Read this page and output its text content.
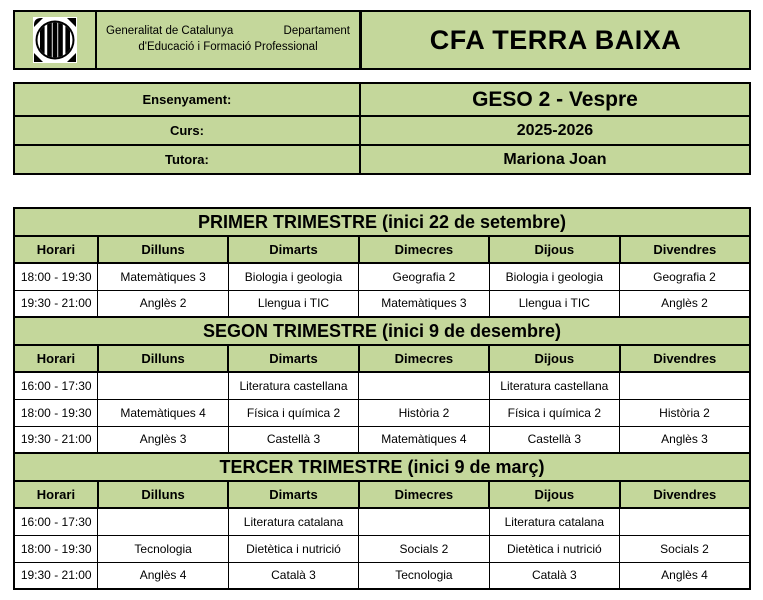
Generalitat de Catalunya	Departament
d'Educació i Formació Professional	CFA TERRA BAIXA
Ensenyament:	GESO 2 - Vespre
Curs:	2025-2026
Tutora:	Mariona Joan
PRIMER TRIMESTRE (inici 22 de setembre)					
Horari	Dilluns	Dimarts	Dimecres	Dijous	Divendres
18:00 - 19:30	Matemàtiques 3	Biologia i geologia	Geografia 2	Biologia i geologia	Geografia 2
19:30 - 21:00	Anglès 2	Llengua i TIC	Matemàtiques 3	Llengua i TIC	Anglès 2
SEGON TRIMESTRE (inici 9 de desembre)					
Horari	Dilluns	Dimarts	Dimecres	Dijous	Divendres
16:00 - 17:30		Literatura castellana		Literatura castellana	
18:00 - 19:30	Matemàtiques 4	Física i química 2	Història 2	Física i química 2	Història 2
19:30 - 21:00	Anglès 3	Castellà 3	Matemàtiques 4	Castellà 3	Anglès 3
TERCER TRIMESTRE (inici 9 de març)					
Horari	Dilluns	Dimarts	Dimecres	Dijous	Divendres
16:00 - 17:30		Literatura catalana		Literatura catalana	
18:00 - 19:30	Tecnologia	Dietètica i nutrició	Socials 2	Dietètica i nutrició	Socials 2
19:30 - 21:00	Anglès 4	Català 3	Tecnologia	Català 3	Anglès 4
